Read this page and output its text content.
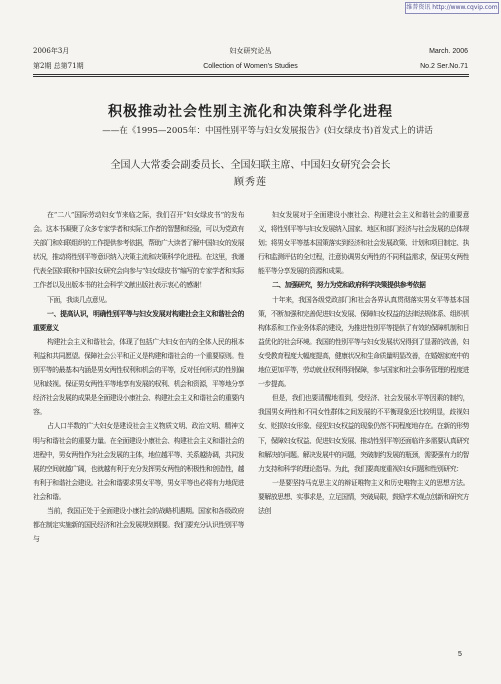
维普资讯 http://www.cqvip.com
2006年3月
第2期 总第71期
妇女研究论丛
Collection of Women's Studies
March. 2006
No.2 Ser.No.71
积极推动社会性别主流化和决策科学化进程
——在《1995—2005年：中国性别平等与妇女发展报告》(妇女绿皮书)首发式上的讲话
全国人大常委会副委员长、全国妇联主席、中国妇女研究会会长
顾秀莲

在“二八”国际劳动妇女节来临之际，我们召开“妇女绿皮书”的发布会。这本书凝聚了众多专家学者和实际工作者的智慧和经验，可以为党政有关部门和妇联组织的工作提供参考依据，帮助广大读者了解中国妇女的发展状况，推动将性别平等意识纳入决策主流和决策科学化进程。在这里，我谨代表全国妇联和中国妇女研究会向参与“妇女绿皮书”编写的专家学者和实际工作者以及出版本书的社会科学文献出版社表示衷心的感谢！

下面，我谈几点意见。

一、提高认识，明确性别平等与妇女发展对构建社会主义和谐社会的重要意义

构建社会主义和谐社会，体现了包括广大妇女在内的全体人民的根本利益和共同愿望。保障社会公平和正义是构建和谐社会的一个重要原则。性别平等的最基本内涵是男女两性权利和机会的平等，反对任何形式的性别偏见和歧视。保证男女两性平等地享有发展的权利、机会和资源，平等地分享经济社会发展的成果是全面建设小康社会、构建社会主义和谐社会的重要内容。

占人口半数的广大妇女是建设社会主义物质文明、政治文明、精神文明与和谐社会的重要力量。在全面建设小康社会、构建社会主义和谐社会的进程中，男女两性作为社会发展的主体，地位越平等、关系越协调，共同发展的空间就越广阔，也就越有利于充分发挥男女两性的积极性和创造性，越有利于和谐社会建设。社会和谐要求男女平等，男女平等也必将有力地促进社会和谐。

当前，我国正处于全面建设小康社会的战略机遇期。国家和各级政府都在制定实施新的国民经济和社会发展规划纲要。我们要充分认识性别平等与

妇女发展对于全面建设小康社会、构建社会主义和谐社会的重要意义，将性别平等与妇女发展纳入国家、地区和部门经济与社会发展的总体规划；将男女平等基本国策落实到经济和社会发展政策、计划和项目制定、执行和监测评估的全过程，注意协调男女两性的不同利益需求，保证男女两性能平等分享发展的资源和成果。

二、加强研究，努力为党和政府科学决策提供参考依据

十年来，我国各级党政部门和社会各界认真贯彻落实男女平等基本国策，不断加强和完善促进妇女发展、保障妇女权益的法律法规体系、组织机构体系和工作业务体系的建设，为推进性别平等提供了有效的保障机制和日益优化的社会环境。我国的性别平等与妇女发展状况得到了显著的改善，妇女受教育程度大幅度提高，健康状况和生命质量明显改善，在婚姻家庭中的地位更加平等，劳动就业权利得到保障，参与国家和社会事务管理的程度进一步提高。

但是，我们也要清醒地看到，受经济、社会发展水平等因素的制约，我国男女两性和不同女性群体之间发展的不平衡现象还比较明显，歧视妇女、贬损妇女形象、侵犯妇女权益的现象仍然不同程度地存在。在新的形势下，保障妇女权益、促进妇女发展、推动性别平等还面临许多需要认真研究和解决的问题。解决发展中的问题，突破制约发展的瓶颈，需要强有力的智力支持和科学的理论指导。为此，我们要高度重视妇女问题和性别研究：

一是要坚持马克思主义的辩证唯物主义和历史唯物主义的思想方法。要解放思想、实事求是，立足国情，突破局限，鼓励学术观点创新和研究方法创

5
